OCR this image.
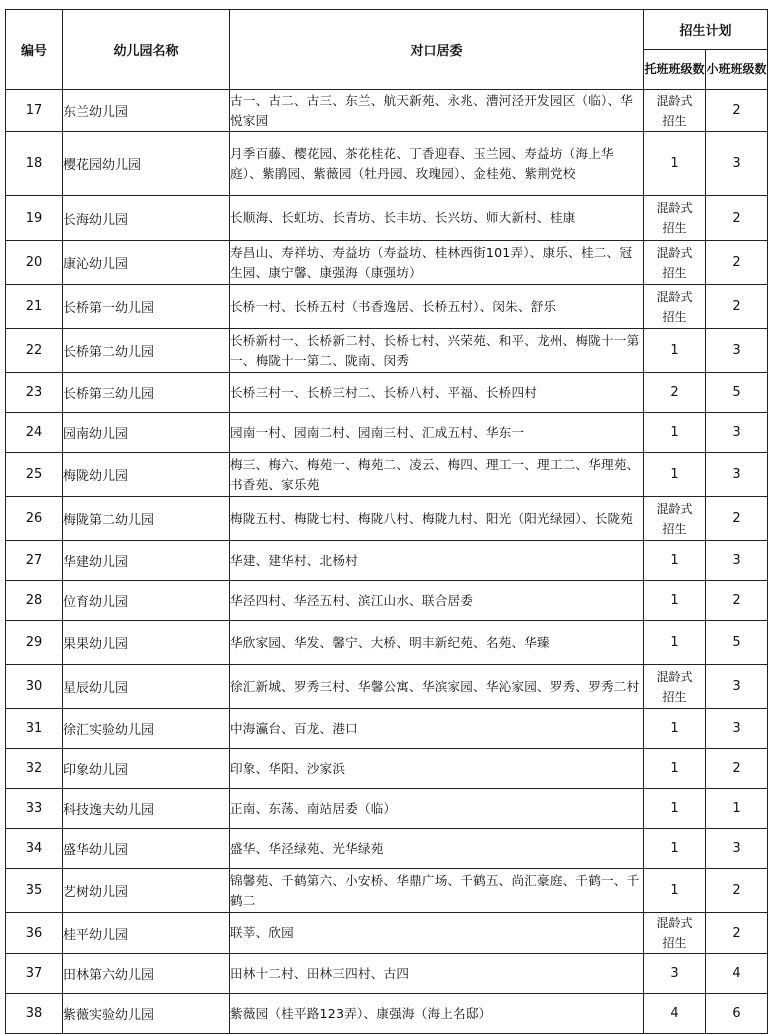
编号	幼儿园名称	对口居委	招生计划	
			托班班级数	小班班级数
17	东兰幼儿园	古一、古二、古三、东兰、航天新苑、永兆、漕河泾开发园区（临）、华悦家园	混龄式招生	2
18	樱花园幼儿园	月季百藤、樱花园、茶花桂花、丁香迎春、玉兰园、寿益坊（海上华庭）、紫鹃园、紫薇园（牡丹园、玫瑰园）、金桂苑、紫荆党校	1	3
19	长海幼儿园	长顺海、长虹坊、长青坊、长丰坊、长兴坊、师大新村、桂康	混龄式招生	2
20	康沁幼儿园	寿昌山、寿祥坊、寿益坊（寿益坊、桂林西街101弄）、康乐、桂二、冠生园、康宁馨、康强海（康强坊）	混龄式招生	2
21	长桥第一幼儿园	长桥一村、长桥五村（书香逸居、长桥五村）、闵朱、舒乐	混龄式招生	2
22	长桥第二幼儿园	长桥新村一、长桥新二村、长桥七村、兴荣苑、和平、龙州、梅陇十一第一、梅陇十一第二、陇南、闵秀	1	3
23	长桥第三幼儿园	长桥三村一、长桥三村二、长桥八村、平福、长桥四村	2	5
24	园南幼儿园	园南一村、园南二村、园南三村、汇成五村、华东一	1	3
25	梅陇幼儿园	梅三、梅六、梅苑一、梅苑二、凌云、梅四、理工一、理工二、华理苑、书香苑、家乐苑	1	3
26	梅陇第二幼儿园	梅陇五村、梅陇七村、梅陇八村、梅陇九村、阳光（阳光绿园）、长陇苑	混龄式招生	2
27	华建幼儿园	华建、建华村、北杨村	1	3
28	位育幼儿园	华泾四村、华泾五村、滨江山水、联合居委	1	2
29	果果幼儿园	华欣家园、华发、馨宁、大桥、明丰新纪苑、名苑、华臻	1	5
30	星辰幼儿园	徐汇新城、罗秀三村、华馨公寓、华滨家园、华沁家园、罗秀、罗秀二村	混龄式招生	3
31	徐汇实验幼儿园	中海瀛台、百龙、港口	1	3
32	印象幼儿园	印象、华阳、沙家浜	1	2
33	科技逸夫幼儿园	正南、东荡、南站居委（临）	1	1
34	盛华幼儿园	盛华、华泾绿苑、光华绿苑	1	3
35	艺树幼儿园	锦馨苑、千鹤第六、小安桥、华鼎广场、千鹤五、尚汇豪庭、千鹤一、千鹤二	1	2
36	桂平幼儿园	联莘、欣园	混龄式招生	2
37	田林第六幼儿园	田林十二村、田林三四村、古四	3	4
38	紫薇实验幼儿园	紫薇园（桂平路123弄）、康强海（海上名邸）	4	6
